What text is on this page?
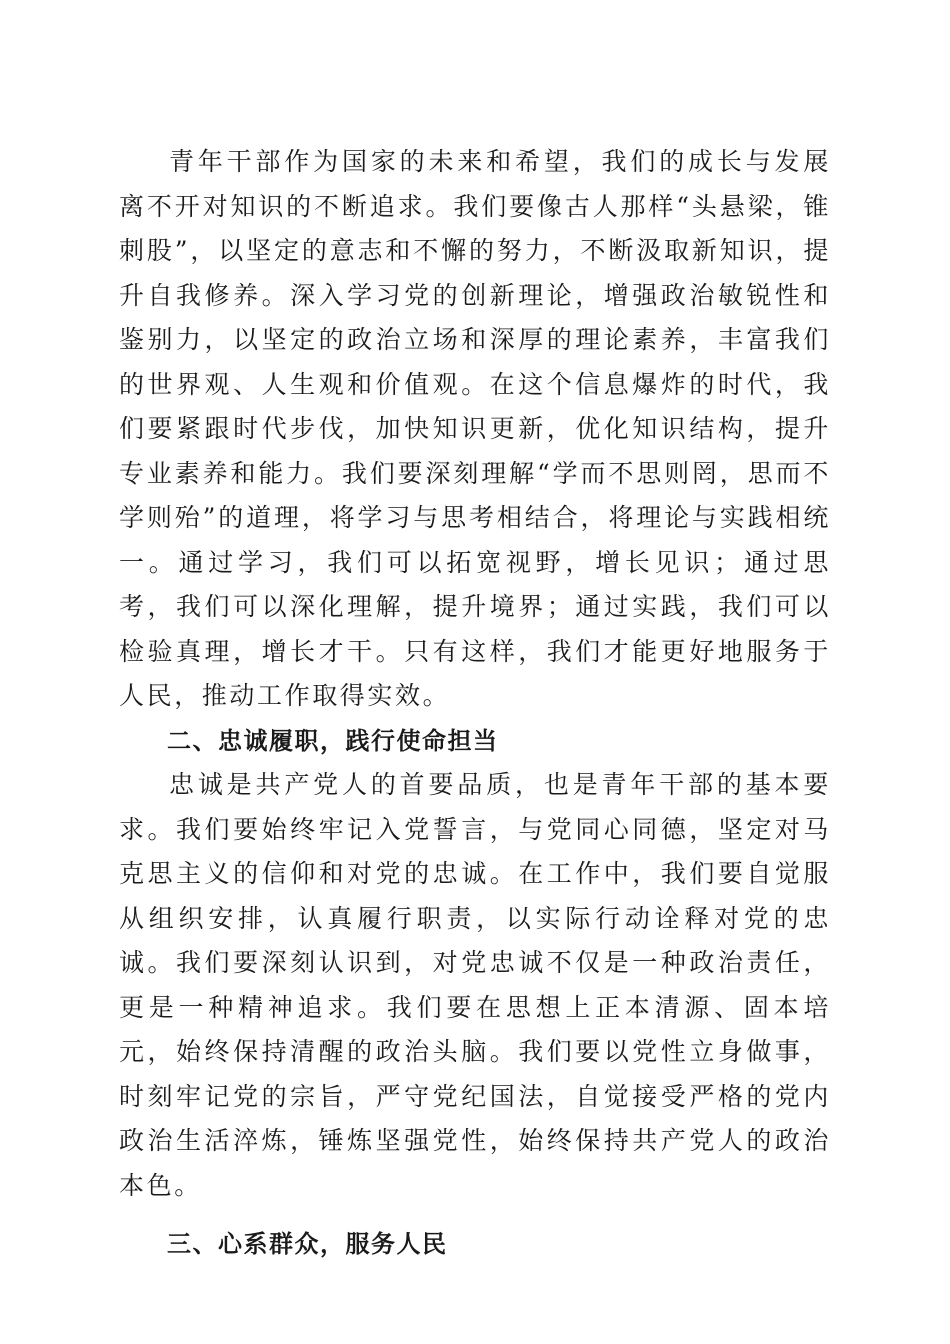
青年干部作为国家的未来和希望，我们的成长与发展离不开对知识的不断追求。我们要像古人那样“头悬梁，锥刺股”，以坚定的意志和不懈的努力，不断汲取新知识，提升自我修养。深入学习党的创新理论，增强政治敏锐性和鉴别力，以坚定的政治立场和深厚的理论素养，丰富我们的世界观、人生观和价值观。在这个信息爆炸的时代，我们要紧跟时代步伐，加快知识更新，优化知识结构，提升专业素养和能力。我们要深刻理解“学而不思则罔，思而不学则殆”的道理，将学习与思考相结合，将理论与实践相统一。通过学习，我们可以拓宽视野，增长见识；通过思考，我们可以深化理解，提升境界；通过实践，我们可以检验真理，增长才干。只有这样，我们才能更好地服务于人民，推动工作取得实效。

二、忠诚履职，践行使命担当

忠诚是共产党人的首要品质，也是青年干部的基本要求。我们要始终牢记入党誓言，与党同心同德，坚定对马克思主义的信仰和对党的忠诚。在工作中，我们要自觉服从组织安排，认真履行职责，以实际行动诠释对党的忠诚。我们要深刻认识到，对党忠诚不仅是一种政治责任，更是一种精神追求。我们要在思想上正本清源、固本培元，始终保持清醒的政治头脑。我们要以党性立身做事，时刻牢记党的宗旨，严守党纪国法，自觉接受严格的党内政治生活淬炼，锤炼坚强党性，始终保持共产党人的政治本色。

三、心系群众，服务人民
